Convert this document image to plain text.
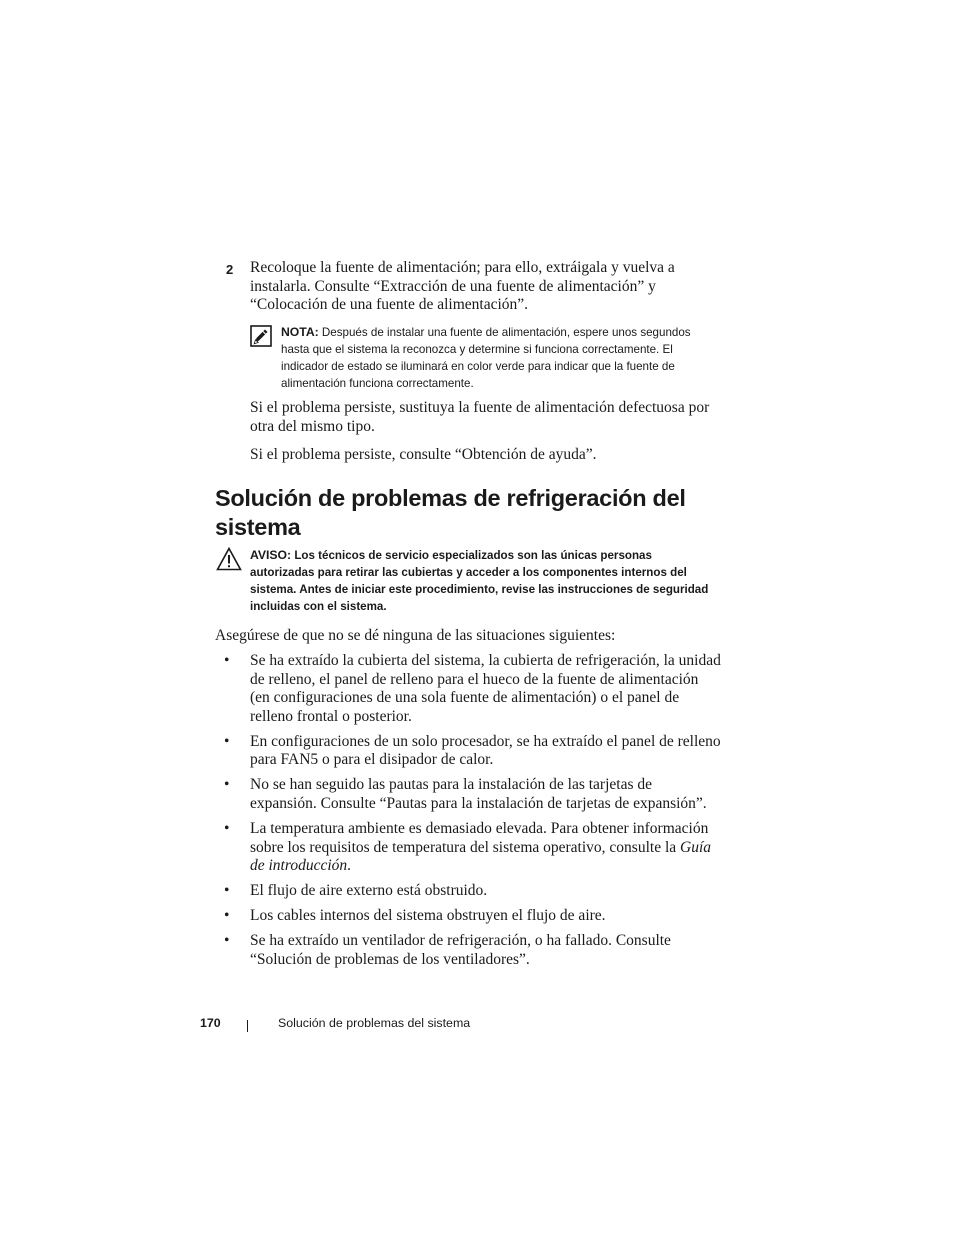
2 Recoloque la fuente de alimentación; para ello, extráigala y vuelva a instalarla. Consulte “Extracción de una fuente de alimentación” y “Colocación de una fuente de alimentación”.
NOTA: Después de instalar una fuente de alimentación, espere unos segundos hasta que el sistema la reconozca y determine si funciona correctamente. El indicador de estado se iluminará en color verde para indicar que la fuente de alimentación funciona correctamente.
Si el problema persiste, sustituya la fuente de alimentación defectuosa por otra del mismo tipo.
Si el problema persiste, consulte “Obtención de ayuda”.
Solución de problemas de refrigeración del sistema
AVISO: Los técnicos de servicio especializados son las únicas personas autorizadas para retirar las cubiertas y acceder a los componentes internos del sistema. Antes de iniciar este procedimiento, revise las instrucciones de seguridad incluidas con el sistema.
Asegúrese de que no se dé ninguna de las situaciones siguientes:
• Se ha extraído la cubierta del sistema, la cubierta de refrigeración, la unidad de relleno, el panel de relleno para el hueco de la fuente de alimentación (en configuraciones de una sola fuente de alimentación) o el panel de relleno frontal o posterior.
• En configuraciones de un solo procesador, se ha extraído el panel de relleno para FAN5 o para el disipador de calor.
• No se han seguido las pautas para la instalación de las tarjetas de expansión. Consulte “Pautas para la instalación de tarjetas de expansión”.
• La temperatura ambiente es demasiado elevada. Para obtener información sobre los requisitos de temperatura del sistema operativo, consulte la Guía de introducción.
• El flujo de aire externo está obstruido.
• Los cables internos del sistema obstruyen el flujo de aire.
• Se ha extraído un ventilador de refrigeración, o ha fallado. Consulte “Solución de problemas de los ventiladores”.
170	Solución de problemas del sistema
